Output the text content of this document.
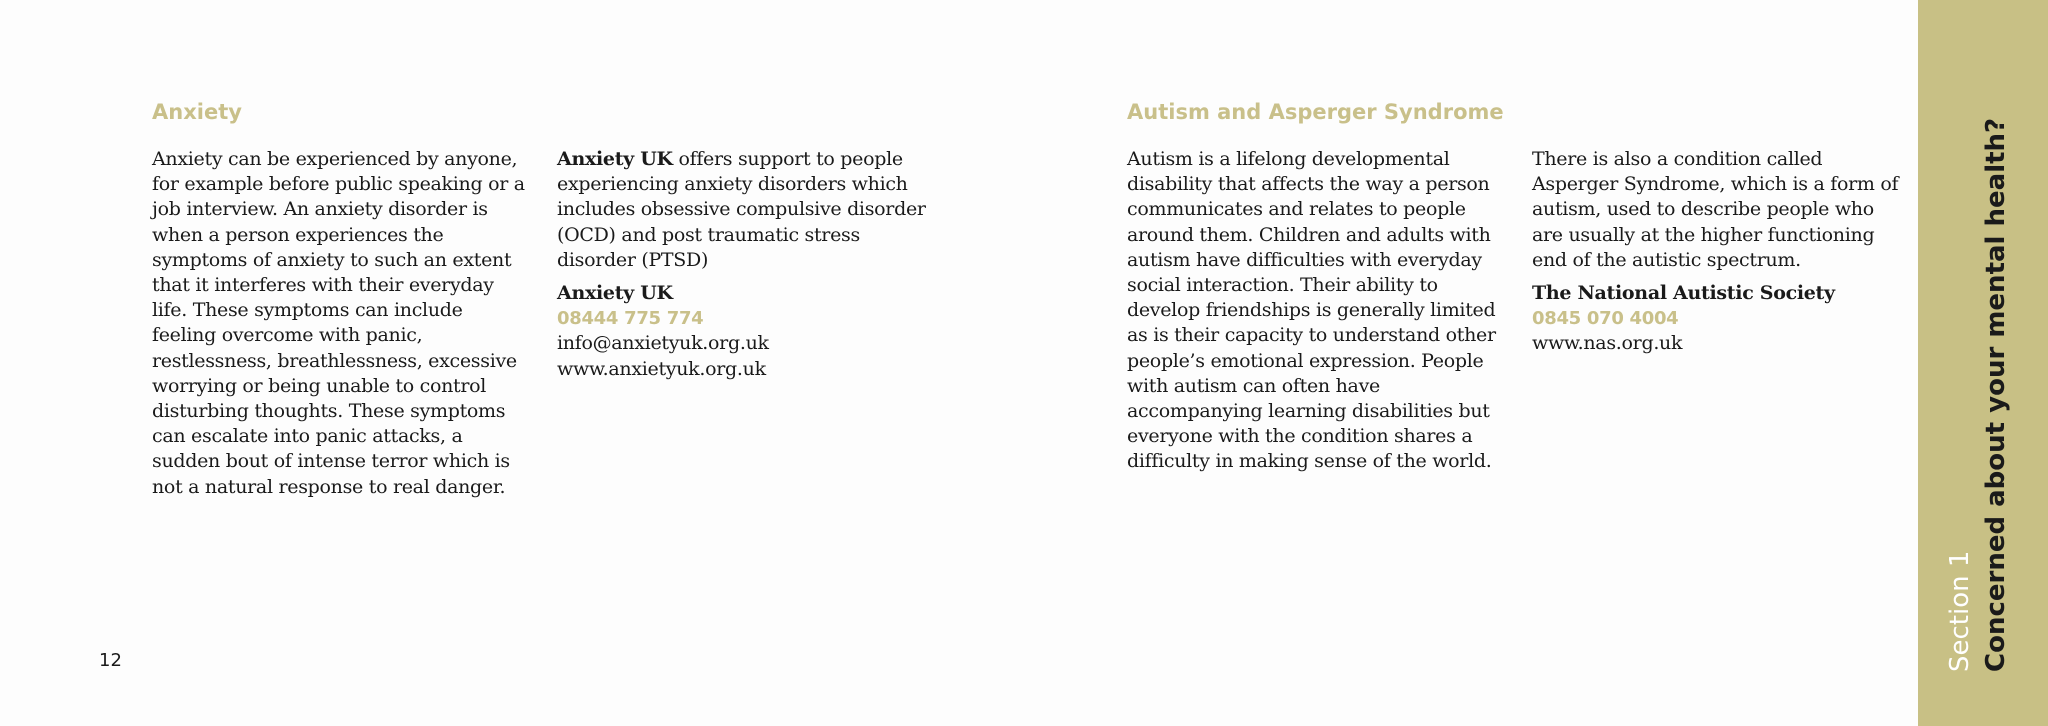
Anxiety

Anxiety can be experienced by anyone, for example before public speaking or a job interview. An anxiety disorder is when a person experiences the symptoms of anxiety to such an extent that it interferes with their everyday life. These symptoms can include feeling overcome with panic, restlessness, breathlessness, excessive worrying or being unable to control disturbing thoughts. These symptoms can escalate into panic attacks, a sudden bout of intense terror which is not a natural response to real danger.

Anxiety UK offers support to people experiencing anxiety disorders which includes obsessive compulsive disorder (OCD) and post traumatic stress disorder (PTSD)

Anxiety UK
08444 775 774
info@anxietyuk.org.uk
www.anxietyuk.org.uk
Autism and Asperger Syndrome

Autism is a lifelong developmental disability that affects the way a person communicates and relates to people around them. Children and adults with autism have difficulties with everyday social interaction. Their ability to develop friendships is generally limited as is their capacity to understand other people’s emotional expression. People with autism can often have accompanying learning disabilities but everyone with the condition shares a difficulty in making sense of the world.

There is also a condition called Asperger Syndrome, which is a form of autism, used to describe people who are usually at the higher functioning end of the autistic spectrum.

The National Autistic Society
0845 070 4004
www.nas.org.uk
12	Section 1 Concerned about your mental health?
